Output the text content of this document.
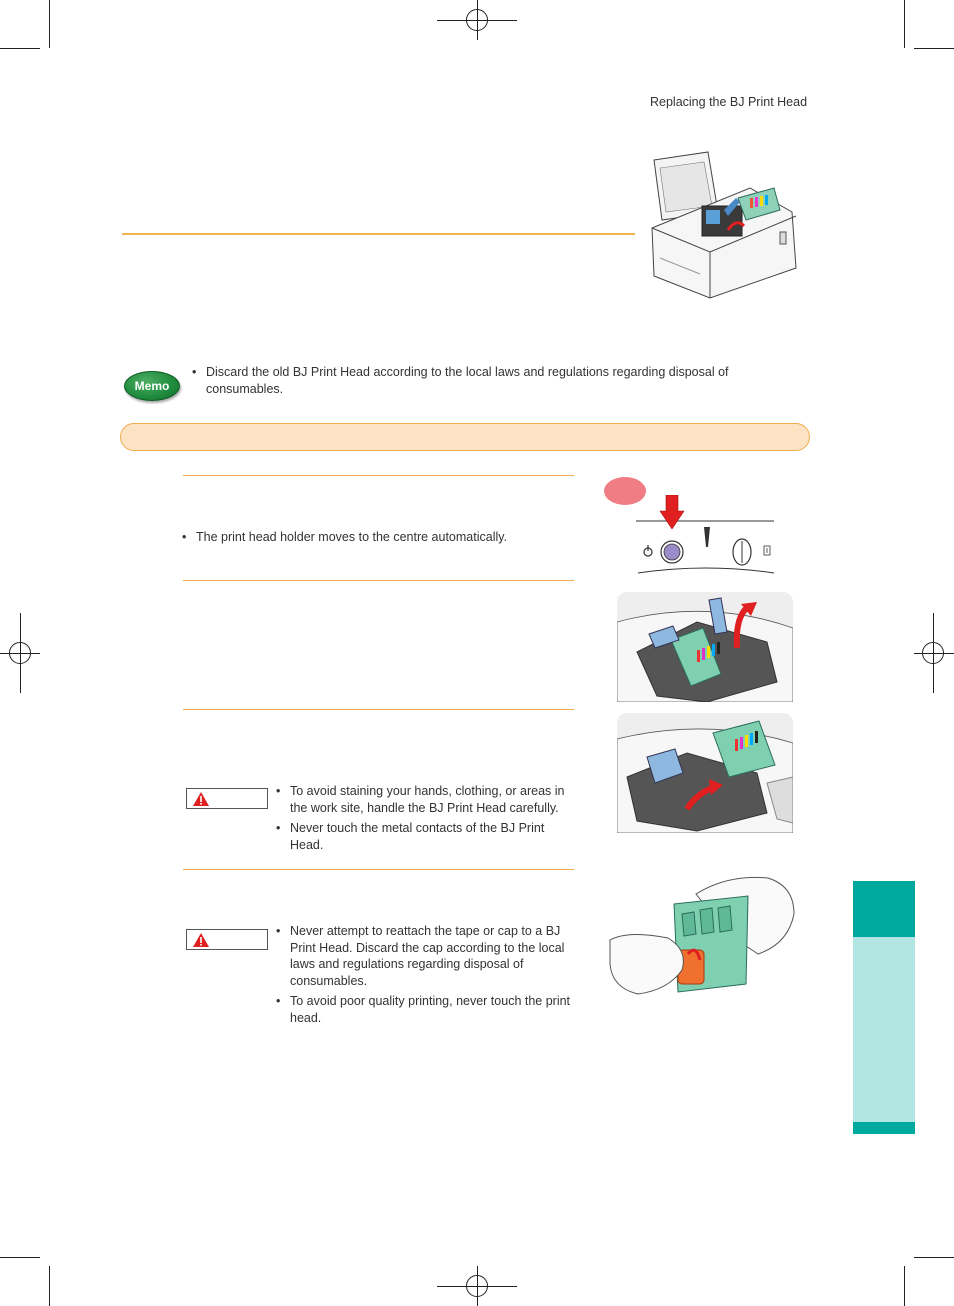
Replacing the BJ Print Head
Memo
• Discard the old BJ Print Head according to the local laws and regulations regarding disposal of consumables.
• The print head holder moves to the centre automatically.
• To avoid staining your hands, clothing, or areas in the work site, handle the BJ Print Head carefully.
• Never touch the metal contacts of the BJ Print Head.
• Never attempt to reattach the tape or cap to a BJ Print Head. Discard the cap according to the local laws and regulations regarding disposal of consumables.
• To avoid poor quality printing, never touch the print head.
